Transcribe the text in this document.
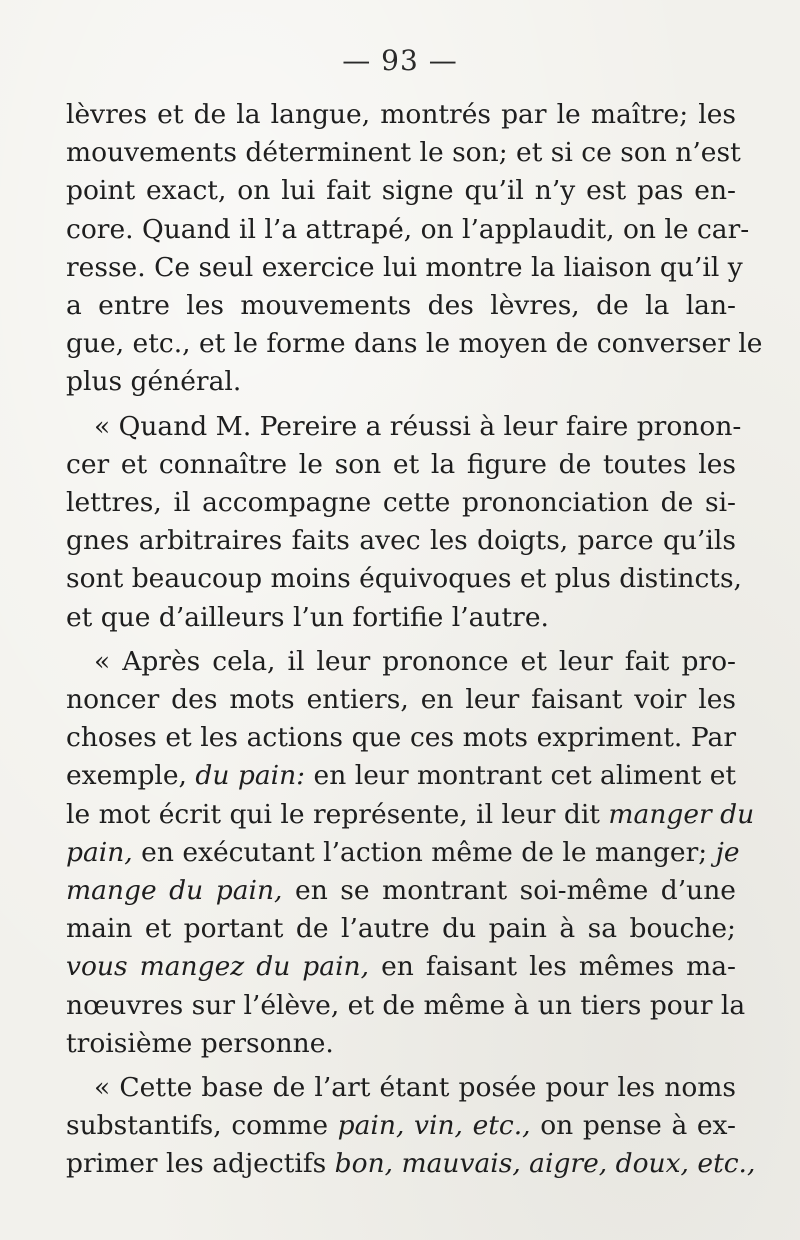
— 93 —
lèvres et de la langue, montrés par le maître; les
mouvements déterminent le son; et si ce son n’est
point exact, on lui fait signe qu’il n’y est pas en-
core. Quand il l’a attrapé, on l’applaudit, on le car-
resse. Ce seul exercice lui montre la liaison qu’il y
a entre les mouvements des lèvres, de la lan-
gue, etc., et le forme dans le moyen de converser le
plus général.
« Quand M. Pereire a réussi à leur faire pronon-
cer et connaître le son et la figure de toutes les
lettres, il accompagne cette prononciation de si-
gnes arbitraires faits avec les doigts, parce qu’ils
sont beaucoup moins équivoques et plus distincts,
et que d’ailleurs l’un fortifie l’autre.
« Après cela, il leur prononce et leur fait pro-
noncer des mots entiers, en leur faisant voir les
choses et les actions que ces mots expriment. Par
exemple, du pain: en leur montrant cet aliment et
le mot écrit qui le représente, il leur dit manger du
pain, en exécutant l’action même de le manger; je
mange du pain, en se montrant soi-même d’une
main et portant de l’autre du pain à sa bouche;
vous mangez du pain, en faisant les mêmes ma-
nœuvres sur l’élève, et de même à un tiers pour la
troisième personne.
« Cette base de l’art étant posée pour les noms
substantifs, comme pain, vin, etc., on pense à ex-
primer les adjectifs bon, mauvais, aigre, doux, etc.,
